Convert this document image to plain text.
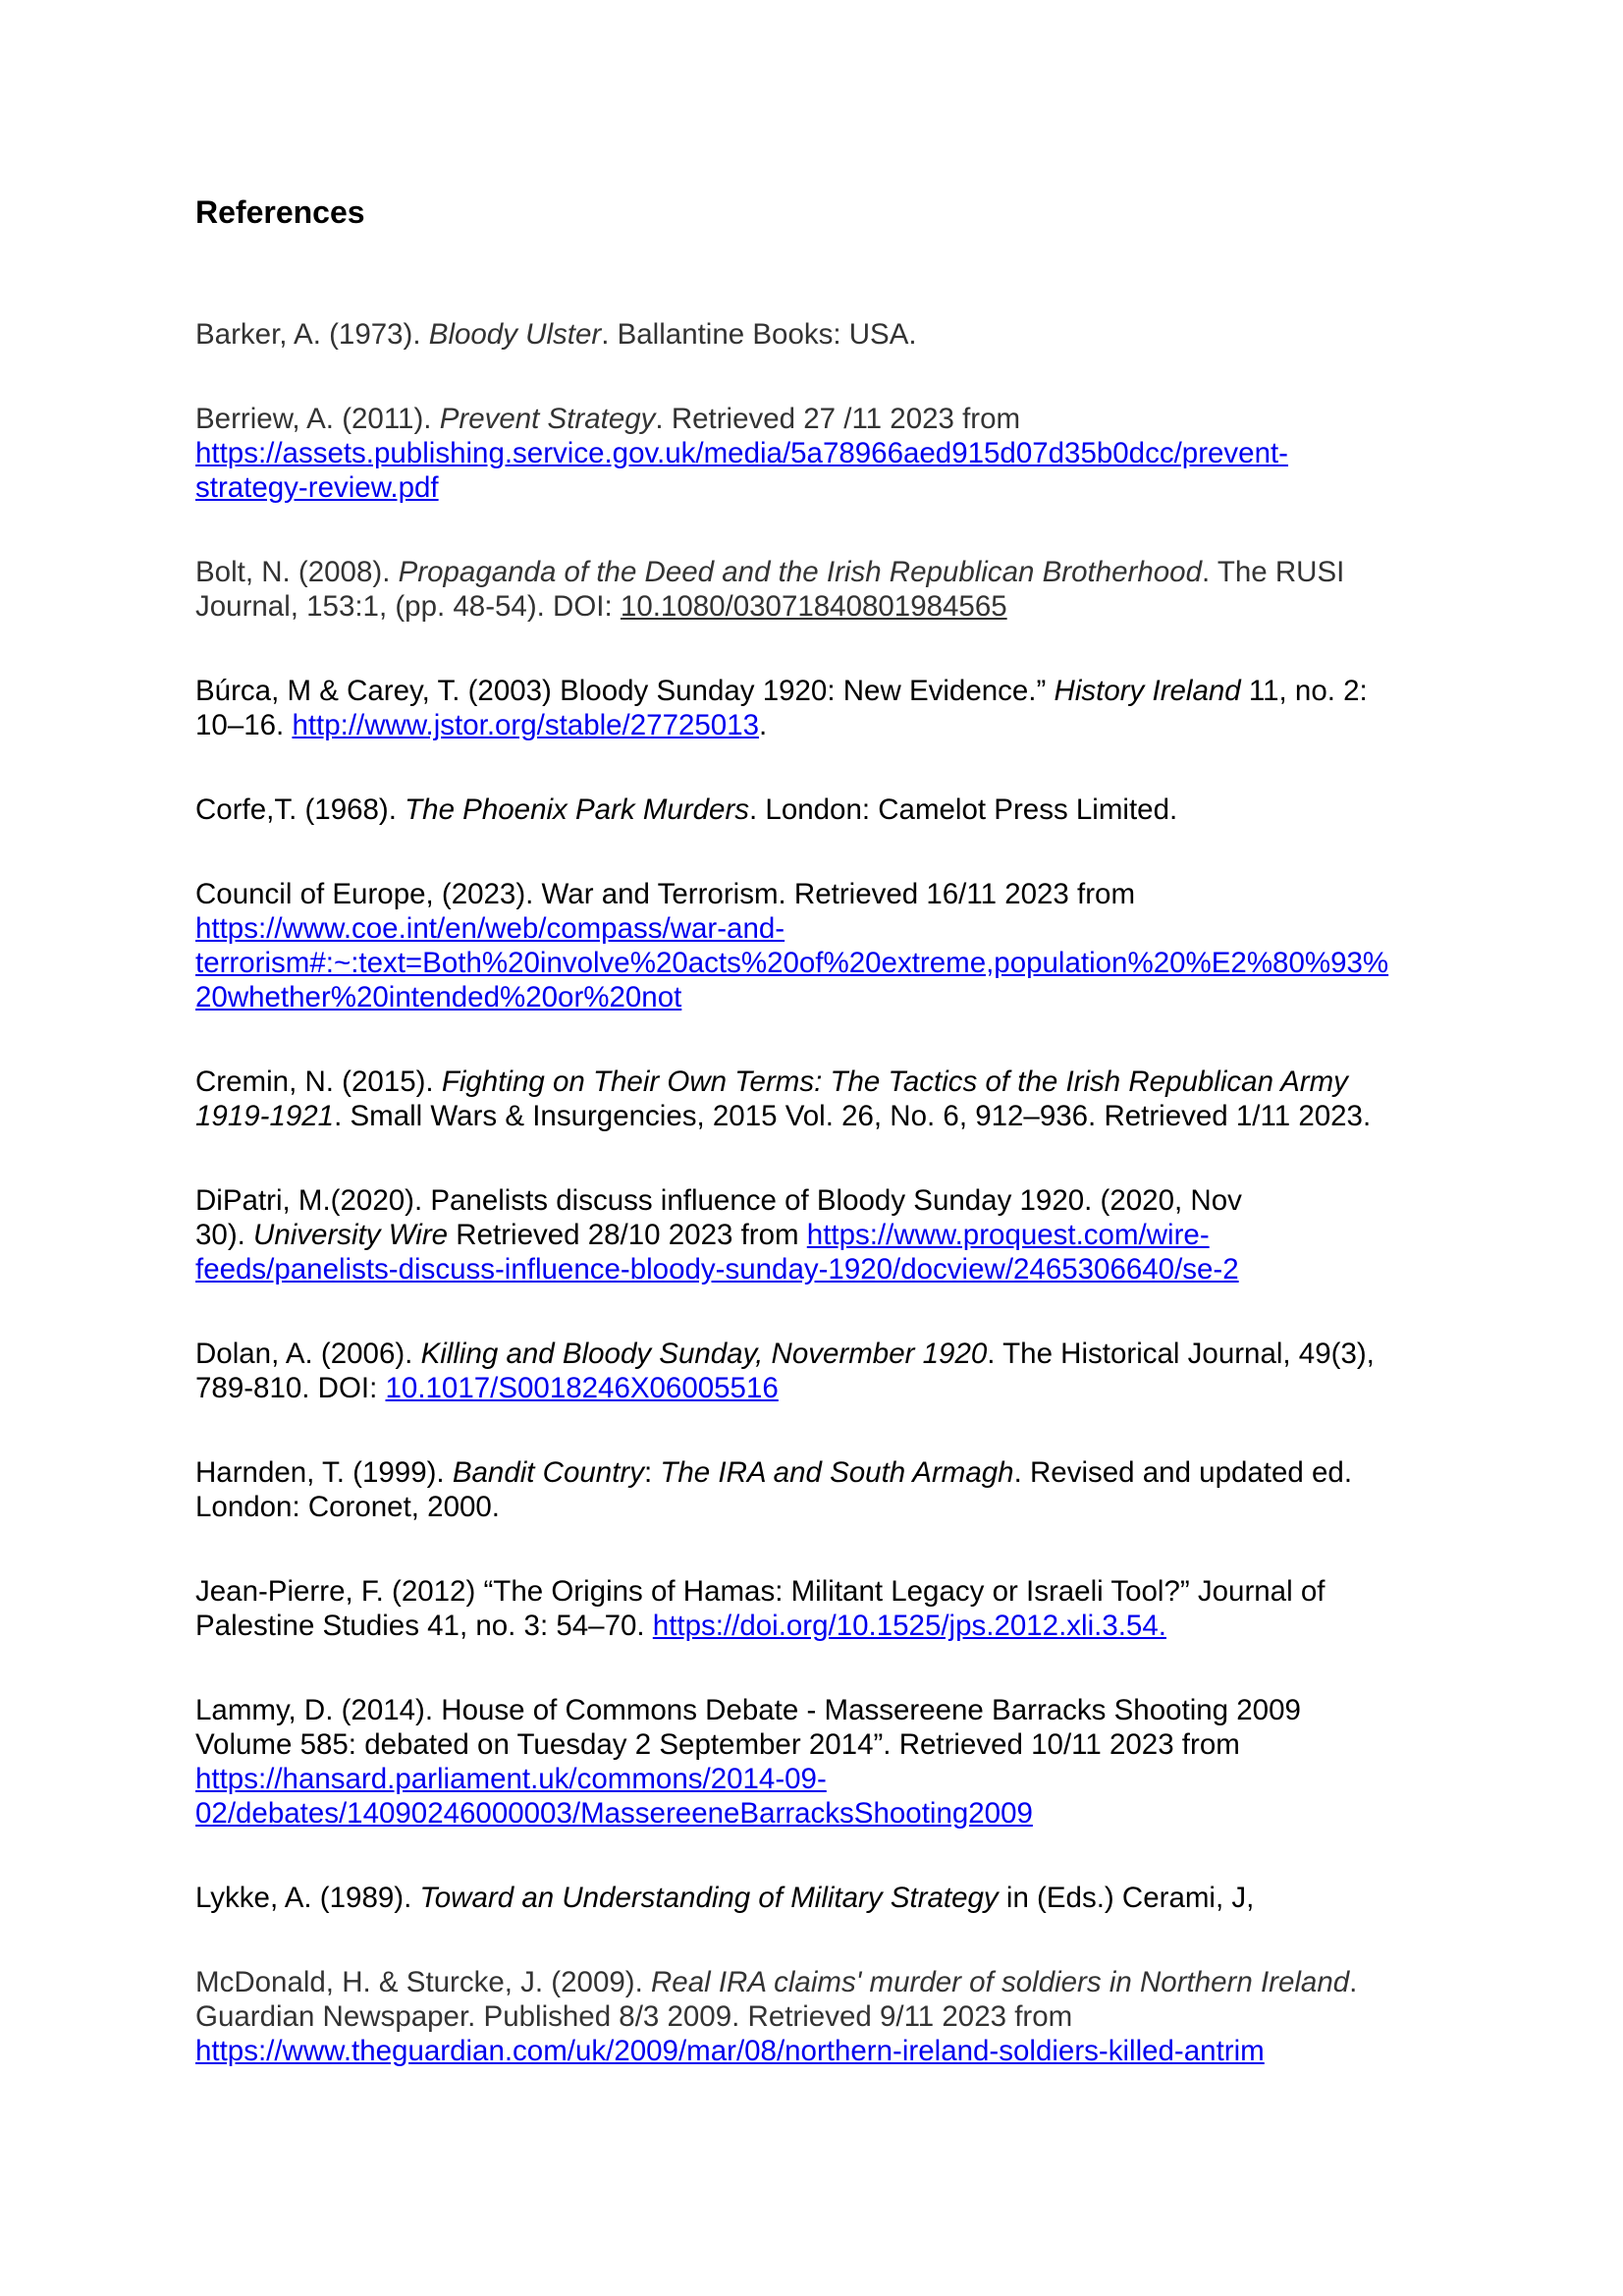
References

Barker, A. (1973). Bloody Ulster. Ballantine Books: USA.

Berriew, A. (2011). Prevent Strategy. Retrieved 27 /11 2023 from
https://assets.publishing.service.gov.uk/media/5a78966aed915d07d35b0dcc/prevent-
strategy-review.pdf

Bolt, N. (2008). Propaganda of the Deed and the Irish Republican Brotherhood. The RUSI
Journal, 153:1, (pp. 48-54). DOI: 10.1080/03071840801984565

Búrca, M & Carey, T. (2003) Bloody Sunday 1920: New Evidence.” History Ireland 11, no. 2:
10–16. http://www.jstor.org/stable/27725013.

Corfe,T. (1968). The Phoenix Park Murders. London: Camelot Press Limited.

Council of Europe, (2023). War and Terrorism. Retrieved 16/11 2023 from
https://www.coe.int/en/web/compass/war-and-
terrorism#:~:text=Both%20involve%20acts%20of%20extreme,population%20%E2%80%93%
20whether%20intended%20or%20not

Cremin, N. (2015). Fighting on Their Own Terms: The Tactics of the Irish Republican Army
1919-1921. Small Wars & Insurgencies, 2015 Vol. 26, No. 6, 912–936. Retrieved 1/11 2023.

DiPatri, M.(2020). Panelists discuss influence of Bloody Sunday 1920. (2020, Nov
30). University Wire Retrieved 28/10 2023 from https://www.proquest.com/wire-
feeds/panelists-discuss-influence-bloody-sunday-1920/docview/2465306640/se-2

Dolan, A. (2006). Killing and Bloody Sunday, Novermber 1920. The Historical Journal, 49(3),
789-810. DOI: 10.1017/S0018246X06005516

Harnden, T. (1999). Bandit Country: The IRA and South Armagh. Revised and updated ed.
London: Coronet, 2000.

Jean-Pierre, F. (2012) “The Origins of Hamas: Militant Legacy or Israeli Tool?” Journal of
Palestine Studies 41, no. 3: 54–70. https://doi.org/10.1525/jps.2012.xli.3.54.

Lammy, D. (2014). House of Commons Debate - Massereene Barracks Shooting 2009
Volume 585: debated on Tuesday 2 September 2014”. Retrieved 10/11 2023 from
https://hansard.parliament.uk/commons/2014-09-
02/debates/14090246000003/MassereeneBarracksShooting2009

Lykke, A. (1989). Toward an Understanding of Military Strategy in (Eds.) Cerami, J,

McDonald, H. & Sturcke, J. (2009). Real IRA claims' murder of soldiers in Northern Ireland.
Guardian Newspaper. Published 8/3 2009. Retrieved 9/11 2023 from
https://www.theguardian.com/uk/2009/mar/08/northern-ireland-soldiers-killed-antrim
